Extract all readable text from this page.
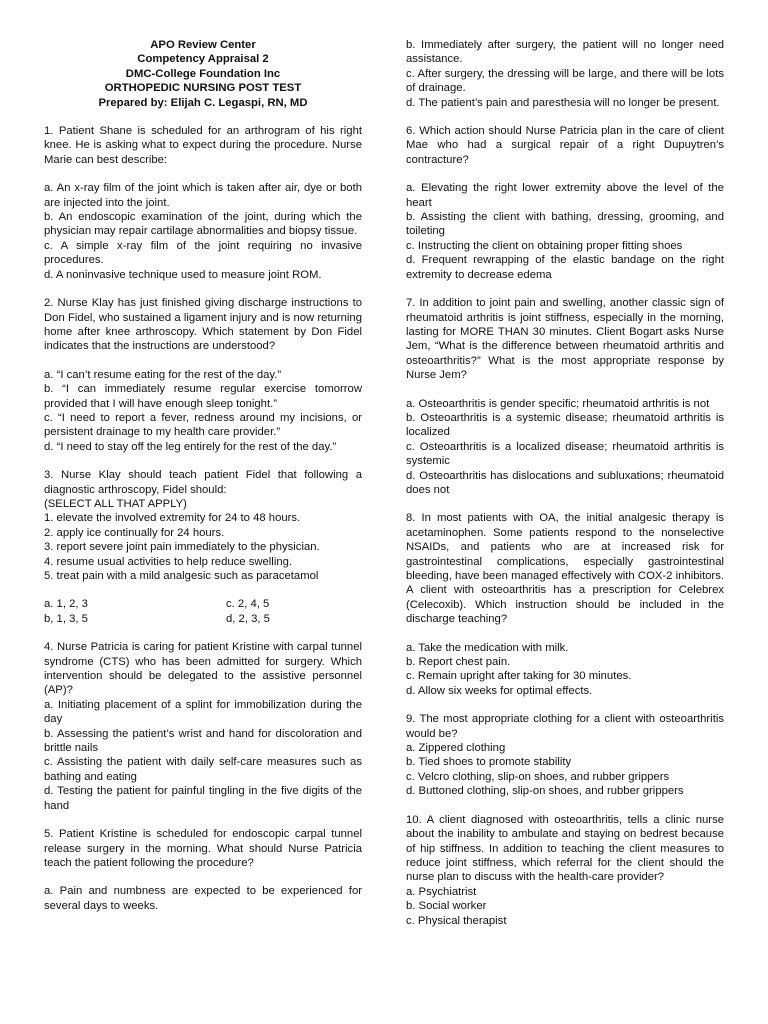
APO Review Center
Competency Appraisal 2
DMC-College Foundation Inc
ORTHOPEDIC NURSING POST TEST
Prepared by: Elijah C. Legaspi, RN, MD

1. Patient Shane is scheduled for an arthrogram of his right knee. He is asking what to expect during the procedure. Nurse Marie can best describe:

a. An x-ray film of the joint which is taken after air, dye or both are injected into the joint.

b. An endoscopic examination of the joint, during which the physician may repair cartilage abnormalities and biopsy tissue.

c. A simple x-ray film of the joint requiring no invasive procedures.

d. A noninvasive technique used to measure joint ROM.

2. Nurse Klay has just finished giving discharge instructions to Don Fidel, who sustained a ligament injury and is now returning home after knee arthroscopy. Which statement by Don Fidel indicates that the instructions are understood?

a. “I can’t resume eating for the rest of the day.”

b. “I can immediately resume regular exercise tomorrow provided that I will have enough sleep tonight.”

c. “I need to report a fever, redness around my incisions, or persistent drainage to my health care provider.”

d. “I need to stay off the leg entirely for the rest of the day.”

3. Nurse Klay should teach patient Fidel that following a diagnostic arthroscopy, Fidel should:

(SELECT ALL THAT APPLY)

1. elevate the involved extremity for 24 to 48 hours.

2. apply ice continually for 24 hours.

3. report severe joint pain immediately to the physician.

4. resume usual activities to help reduce swelling.

5. treat pain with a mild analgesic such as paracetamol

a. 1, 2, 3	c. 2, 4, 5

b, 1, 3, 5	d, 2, 3, 5

4. Nurse Patricia is caring for patient Kristine with carpal tunnel syndrome (CTS) who has been admitted for surgery. Which intervention should be delegated to the assistive personnel (AP)?

a. Initiating placement of a splint for immobilization during the day

b. Assessing the patient’s wrist and hand for discoloration and brittle nails

c. Assisting the patient with daily self-care measures such as bathing and eating

d. Testing the patient for painful tingling in the five digits of the hand

5. Patient Kristine is scheduled for endoscopic carpal tunnel release surgery in the morning. What should Nurse Patricia teach the patient following the procedure?

a. Pain and numbness are expected to be experienced for several days to weeks.

b. Immediately after surgery, the patient will no longer need assistance.

c. After surgery, the dressing will be large, and there will be lots of drainage.

d. The patient’s pain and paresthesia will no longer be present.

6. Which action should Nurse Patricia plan in the care of client Mae who had a surgical repair of a right Dupuytren’s contracture?

a. Elevating the right lower extremity above the level of the heart

b. Assisting the client with bathing, dressing, grooming, and toileting

c. Instructing the client on obtaining proper fitting shoes

d. Frequent rewrapping of the elastic bandage on the right extremity to decrease edema

7. In addition to joint pain and swelling, another classic sign of rheumatoid arthritis is joint stiffness, especially in the morning, lasting for MORE THAN 30 minutes. Client Bogart asks Nurse Jem, “What is the difference between rheumatoid arthritis and osteoarthritis?” What is the most appropriate response by Nurse Jem?

a. Osteoarthritis is gender specific; rheumatoid arthritis is not

b. Osteoarthritis is a systemic disease; rheumatoid arthritis is localized

c. Osteoarthritis is a localized disease; rheumatoid arthritis is systemic

d. Osteoarthritis has dislocations and subluxations; rheumatoid does not

8. In most patients with OA, the initial analgesic therapy is acetaminophen. Some patients respond to the nonselective NSAIDs, and patients who are at increased risk for gastrointestinal complications, especially gastrointestinal bleeding, have been managed effectively with COX-2 inhibitors. A client with osteoarthritis has a prescription for Celebrex (Celecoxib). Which instruction should be included in the discharge teaching?

a. Take the medication with milk.

b. Report chest pain.

c. Remain upright after taking for 30 minutes.

d. Allow six weeks for optimal effects.

9. The most appropriate clothing for a client with osteoarthritis would be?

a. Zippered clothing

b. Tied shoes to promote stability

c. Velcro clothing, slip-on shoes, and rubber grippers

d. Buttoned clothing, slip-on shoes, and rubber grippers

10. A client diagnosed with osteoarthritis, tells a clinic nurse about the inability to ambulate and staying on bedrest because of hip stiffness. In addition to teaching the client measures to reduce joint stiffness, which referral for the client should the nurse plan to discuss with the health-care provider?

a. Psychiatrist

b. Social worker

c. Physical therapist
